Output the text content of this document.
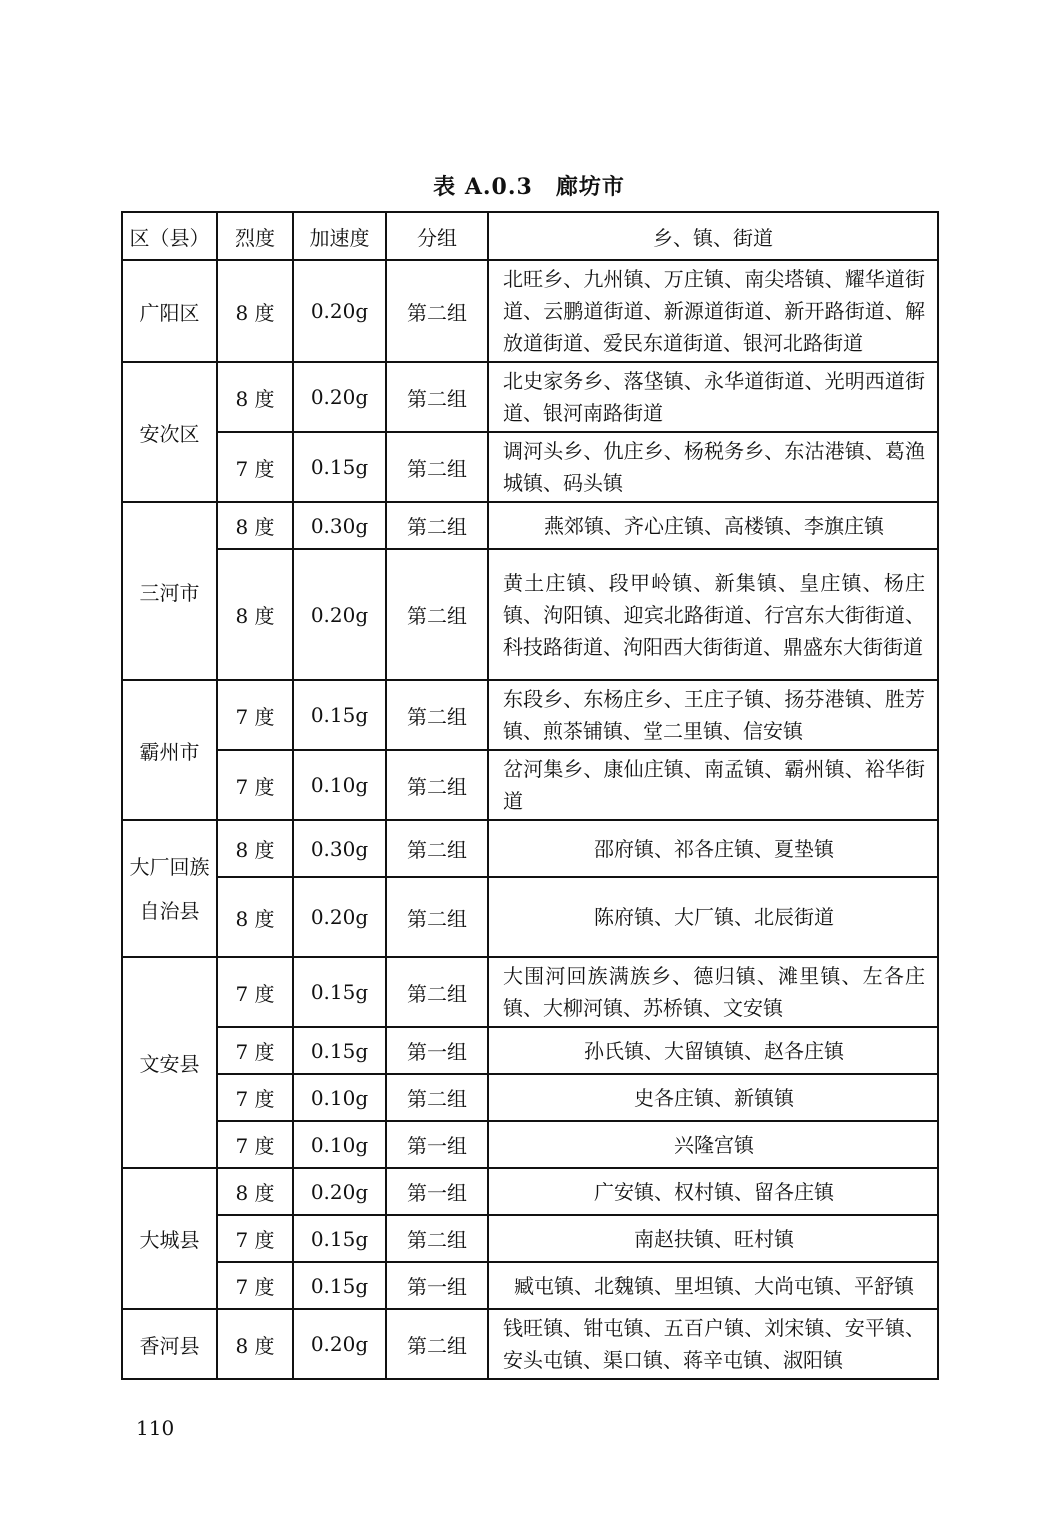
表 A.0.3　廊坊市
区（县）	烈度	加速度	分组	乡、镇、街道
广阳区	8 度	0.20g	第二组	北旺乡、九州镇、万庄镇、南尖塔镇、耀华道街道、云鹏道街道、新源道街道、新开路街道、解放道街道、爱民东道街道、银河北路街道
安次区	8 度	0.20g	第二组	北史家务乡、落垡镇、永华道街道、光明西道街道、银河南路街道
	7 度	0.15g	第二组	调河头乡、仇庄乡、杨税务乡、东沽港镇、葛渔城镇、码头镇
三河市	8 度	0.30g	第二组	燕郊镇、齐心庄镇、高楼镇、李旗庄镇
	8 度	0.20g	第二组	黄土庄镇、段甲岭镇、新集镇、皇庄镇、杨庄镇、泃阳镇、迎宾北路街道、行宫东大街街道、科技路街道、泃阳西大街街道、鼎盛东大街街道
霸州市	7 度	0.15g	第二组	东段乡、东杨庄乡、王庄子镇、扬芬港镇、胜芳镇、煎茶铺镇、堂二里镇、信安镇
	7 度	0.10g	第二组	岔河集乡、康仙庄镇、南孟镇、霸州镇、裕华街道
大厂回族自治县	8 度	0.30g	第二组	邵府镇、祁各庄镇、夏垫镇
	8 度	0.20g	第二组	陈府镇、大厂镇、北辰街道
文安县	7 度	0.15g	第二组	大围河回族满族乡、德归镇、滩里镇、左各庄镇、大柳河镇、苏桥镇、文安镇
	7 度	0.15g	第一组	孙氏镇、大留镇镇、赵各庄镇
	7 度	0.10g	第二组	史各庄镇、新镇镇
	7 度	0.10g	第一组	兴隆宫镇
大城县	8 度	0.20g	第一组	广安镇、权村镇、留各庄镇
	7 度	0.15g	第二组	南赵扶镇、旺村镇
	7 度	0.15g	第一组	臧屯镇、北魏镇、里坦镇、大尚屯镇、平舒镇
香河县	8 度	0.20g	第二组	钱旺镇、钳屯镇、五百户镇、刘宋镇、安平镇、安头屯镇、渠口镇、蒋辛屯镇、淑阳镇
110
